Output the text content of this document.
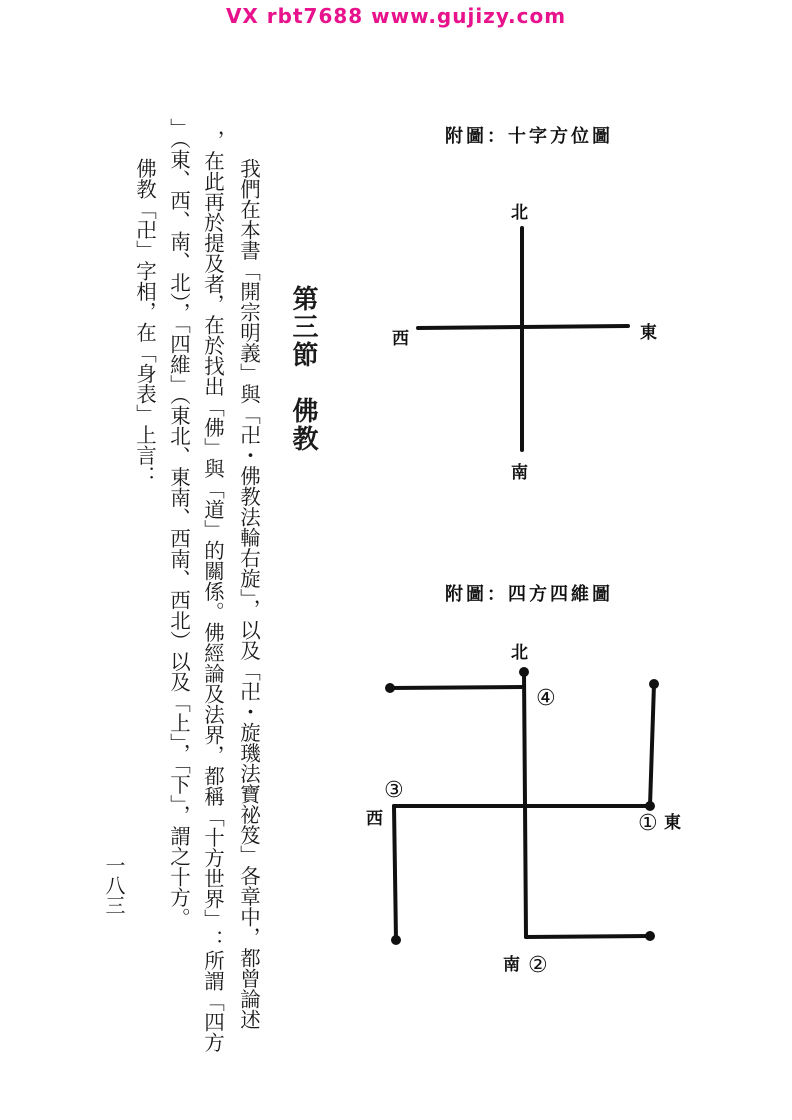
VX rbt7688 www.gujizy.com
我們在本書「開宗明義」與「卍・佛教法輪右旋」，以及「卍・旋璣法寶祕笈」各章中，都曾論述
，在此再於提及者，在於找出「佛」與「道」的關係。佛經論及法界，都稱「十方世界」：所謂「四方
」（東、西、南、北），「四維」（東北、東南、西南、西北）以及「上」，「下」，謂之十方。
佛教「卍」字相，在「身表」上言：	第三節　佛教
一八三
附圖：十字方位圖
附圖：四方四維圖
北
南
東
西
北
南
東
西	①
②
③
④
